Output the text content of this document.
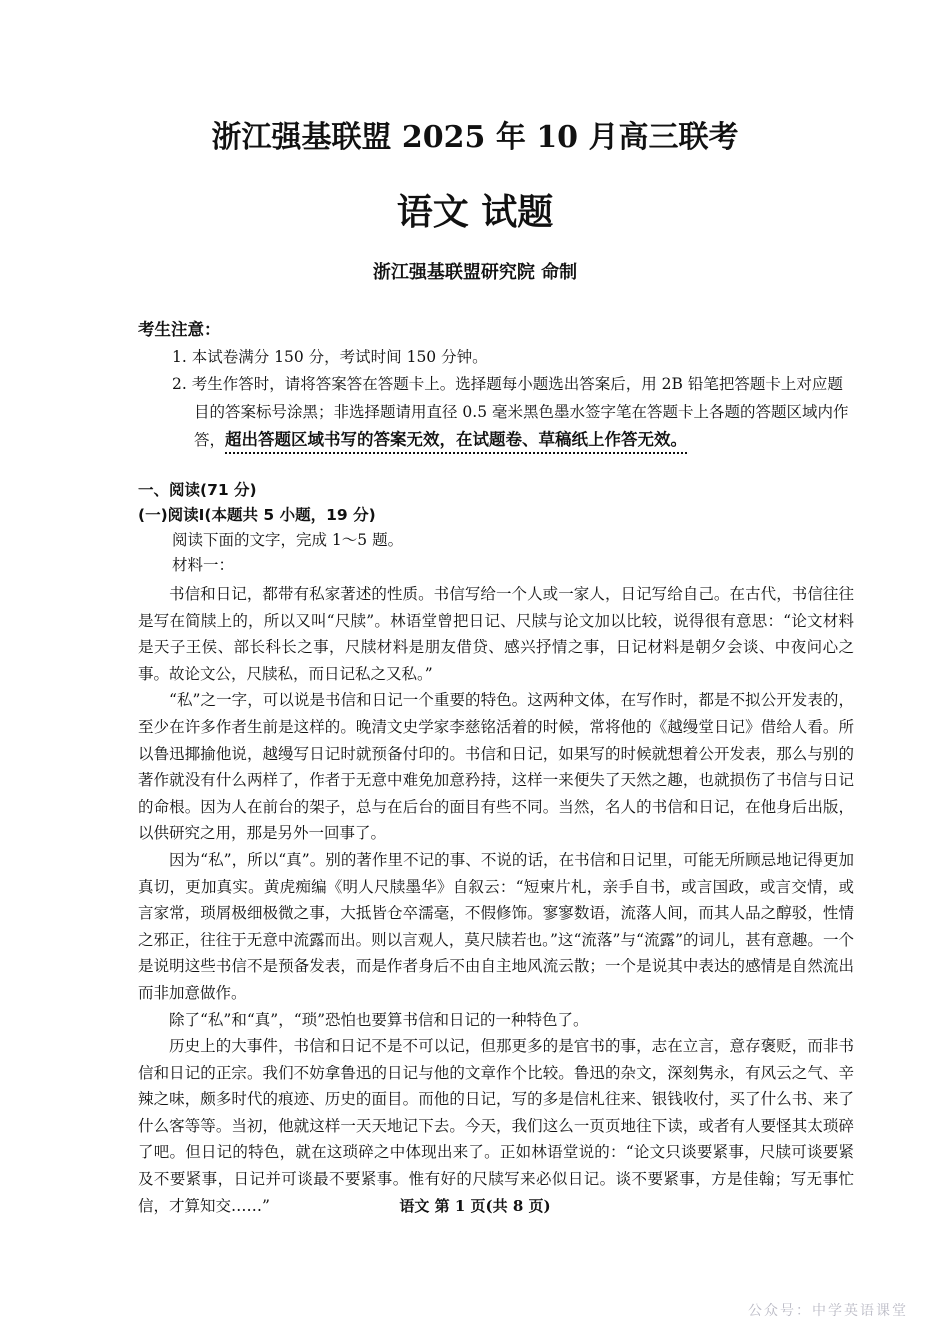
浙江强基联盟 2025 年 10 月高三联考
语文 试题
浙江强基联盟研究院 命制
考生注意：
1. 本试卷满分 150 分，考试时间 150 分钟。
2. 考生作答时，请将答案答在答题卡上。选择题每小题选出答案后，用 2B 铅笔把答题卡上对应题目的答案标号涂黑；非选择题请用直径 0.5 毫米黑色墨水签字笔在答题卡上各题的答题区域内作答，超出答题区域书写的答案无效，在试题卷、草稿纸上作答无效。
一、阅读(71 分)
(一)阅读Ⅰ(本题共 5 小题，19 分)
阅读下面的文字，完成 1～5 题。
材料一：

书信和日记，都带有私家著述的性质。书信写给一个人或一家人，日记写给自己。在古代，书信往往是写在简牍上的，所以又叫“尺牍”。林语堂曾把日记、尺牍与论文加以比较，说得很有意思：“论文材料是天子王侯、部长科长之事，尺牍材料是朋友借贷、感兴抒情之事，日记材料是朝夕会谈、中夜问心之事。故论文公，尺牍私，而日记私之又私。”

“私”之一字，可以说是书信和日记一个重要的特色。这两种文体，在写作时，都是不拟公开发表的，至少在许多作者生前是这样的。晚清文史学家李慈铭活着的时候，常将他的《越缦堂日记》借给人看。所以鲁迅揶揄他说，越缦写日记时就预备付印的。书信和日记，如果写的时候就想着公开发表，那么与别的著作就没有什么两样了，作者于无意中难免加意矜持，这样一来便失了天然之趣，也就损伤了书信与日记的命根。因为人在前台的架子，总与在后台的面目有些不同。当然，名人的书信和日记，在他身后出版，以供研究之用，那是另外一回事了。

因为“私”，所以“真”。别的著作里不记的事、不说的话，在书信和日记里，可能无所顾忌地记得更加真切，更加真实。黄虎痴编《明人尺牍墨华》自叙云：“短柬片札，亲手自书，或言国政，或言交情，或言家常，琐屑极细极微之事，大抵皆仓卒濡毫，不假修饰。寥寥数语，流落人间，而其人品之醇驳，性情之邪正，往往于无意中流露而出。则以言观人，莫尺牍若也。”这“流落”与“流露”的词儿，甚有意趣。一个是说明这些书信不是预备发表，而是作者身后不由自主地风流云散；一个是说其中表达的感情是自然流出而非加意做作。

除了“私”和“真”，“琐”恐怕也要算书信和日记的一种特色了。

历史上的大事件，书信和日记不是不可以记，但那更多的是官书的事，志在立言，意存褒贬，而非书信和日记的正宗。我们不妨拿鲁迅的日记与他的文章作个比较。鲁迅的杂文，深刻隽永，有风云之气、辛辣之味，颇多时代的痕迹、历史的面目。而他的日记，写的多是信札往来、银钱收付，买了什么书、来了什么客等等。当初，他就这样一天天地记下去。今天，我们这么一页页地往下读，或者有人要怪其太琐碎了吧。但日记的特色，就在这琐碎之中体现出来了。正如林语堂说的：“论文只谈要紧事，尺牍可谈要紧及不要紧事，日记并可谈最不要紧事。惟有好的尺牍写来必似日记。谈不要紧事，方是佳翰；写无事忙信，才算知交……”	语文 第 1 页(共 8 页)
公众号：中学英语课堂
